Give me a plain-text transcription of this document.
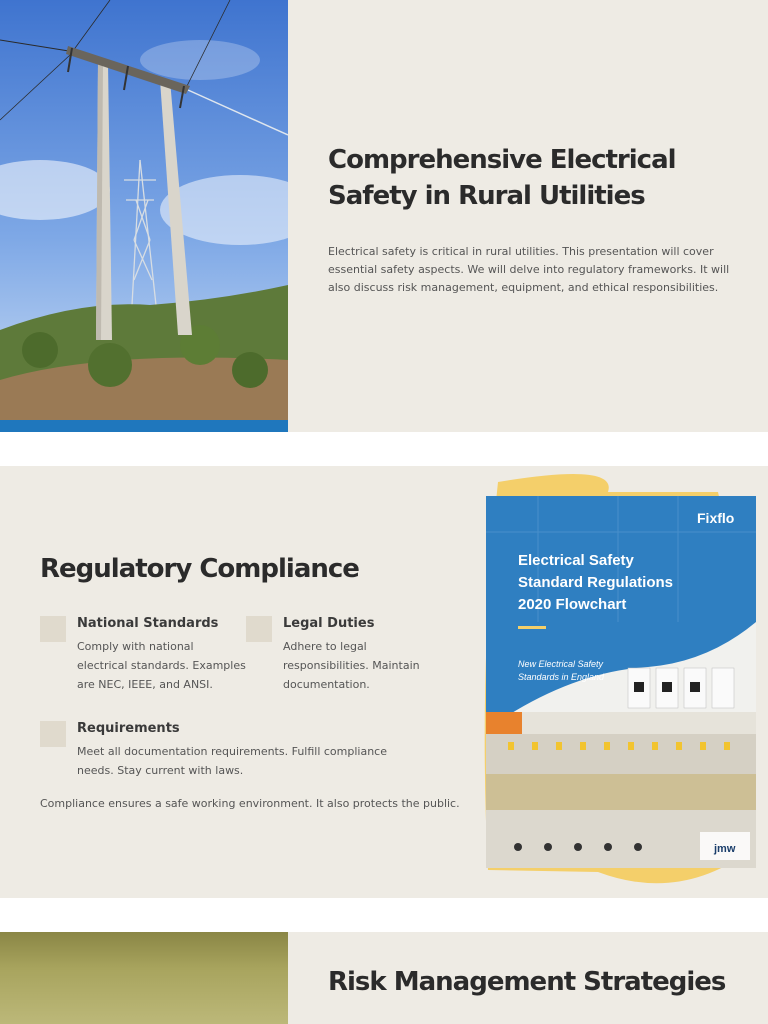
Comprehensive Electrical Safety in Rural Utilities

Electrical safety is critical in rural utilities. This presentation will cover essential safety aspects. We will delve into regulatory frameworks. It will also discuss risk management, equipment, and ethical responsibilities.

Regulatory Compliance
National Standards
Comply with national electrical standards. Examples are NEC, IEEE, and ANSI.
Legal Duties
Adhere to legal responsibilities. Maintain documentation.
Requirements
Meet all documentation requirements. Fulfill compliance needs. Stay current with laws.
Compliance ensures a safe working environment. It also protects the public.
Fixflo
Electrical Safety
Standard Regulations
2020 Flowchart
New Electrical Safety
Standards in England
jmw
Risk Management Strategies
